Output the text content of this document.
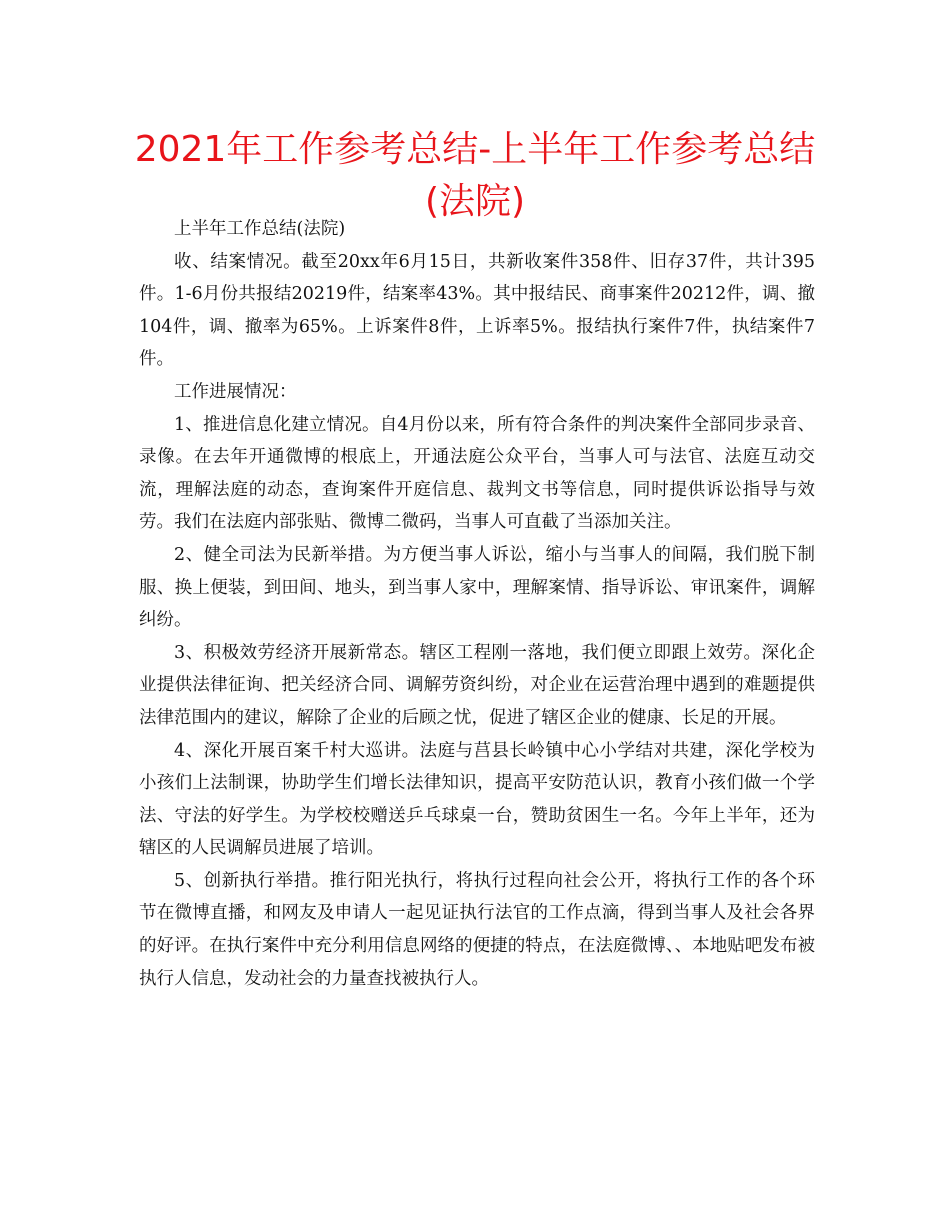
2021年工作参考总结-上半年工作参考总结(法院)

上半年工作总结(法院)

收、结案情况。截至20xx年6月15日，共新收案件358件、旧存37件，共计395件。1-6月份共报结20219件，结案率43%。其中报结民、商事案件20212件，调、撤104件，调、撤率为65%。上诉案件8件，上诉率5%。报结执行案件7件，执结案件7件。

工作进展情况：

1、推进信息化建立情况。自4月份以来，所有符合条件的判决案件全部同步录音、录像。在去年开通微博的根底上，开通法庭公众平台，当事人可与法官、法庭互动交流，理解法庭的动态，查询案件开庭信息、裁判文书等信息，同时提供诉讼指导与效劳。我们在法庭内部张贴、微博二微码，当事人可直截了当添加关注。

2、健全司法为民新举措。为方便当事人诉讼，缩小与当事人的间隔，我们脱下制服、换上便装，到田间、地头，到当事人家中，理解案情、指导诉讼、审讯案件，调解纠纷。

3、积极效劳经济开展新常态。辖区工程刚一落地，我们便立即跟上效劳。深化企业提供法律征询、把关经济合同、调解劳资纠纷，对企业在运营治理中遇到的难题提供法律范围内的建议，解除了企业的后顾之忧，促进了辖区企业的健康、长足的开展。

4、深化开展百案千村大巡讲。法庭与莒县长岭镇中心小学结对共建，深化学校为小孩们上法制课，协助学生们增长法律知识，提高平安防范认识，教育小孩们做一个学法、守法的好学生。为学校校赠送乒乓球桌一台，赞助贫困生一名。今年上半年，还为辖区的人民调解员进展了培训。

5、创新执行举措。推行阳光执行，将执行过程向社会公开，将执行工作的各个环节在微博直播，和网友及申请人一起见证执行法官的工作点滴，得到当事人及社会各界的好评。在执行案件中充分利用信息网络的便捷的特点，在法庭微博、、本地贴吧发布被执行人信息，发动社会的力量查找被执行人。
